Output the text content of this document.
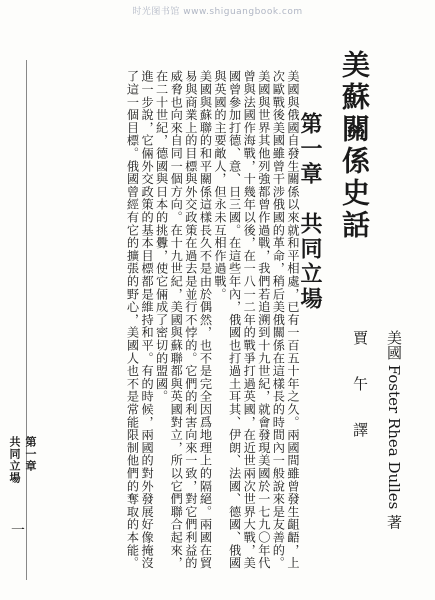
时光图书馆 www.shiguangbook.com
美蘇關係史話
第一章　共同立場
美國 Foster Rhea Dulles 著
賈　午　譯

美國與俄國自發生關係以來就和平相處，已有一百五十年之久。兩國間雖曾發生齟齬，上次歐戰後美國雖曾干涉俄國的革命，稍后美俄關係在這樣長的時間內一般說來是友善的。美國與世界其他列強都曾作過戰，我們若追溯到十九世紀，就會發現美國於一七九〇年代曾與法國作海戰，十幾年以後，在一八一二年的戰爭打過英國，在近世兩次世界大戰，美國曾參加打德、意、日三國。在這些年內，俄國也打過土耳其、伊朗、法國、德國、俄國與英國的主要敵人，但永未互相作過戰。

美國與蘇聯的和平關係這樣長久不是由於偶然，也不是完全因爲地理上的隔絕。兩國在貿易與商業上的目標與外交政策在過去是並行不悖的。它們的利害向來一致，對它們利益的威脅也向來自同一個方向。在十九世紀，美國與蘇聯都與英國對立，所以它們聯合起來，在二十世紀，德國與日本的挑釁，使它倆成了密切的盟國。

進一步說，它倆外交政策的基本目標都是維持和平。有的時候，兩國的對外發展好像掩沒了這一個目標。俄國曾經有它的擴張的野心，美國人也不是常能限制他們的奪取的本能。

第一章
共同立場
一
